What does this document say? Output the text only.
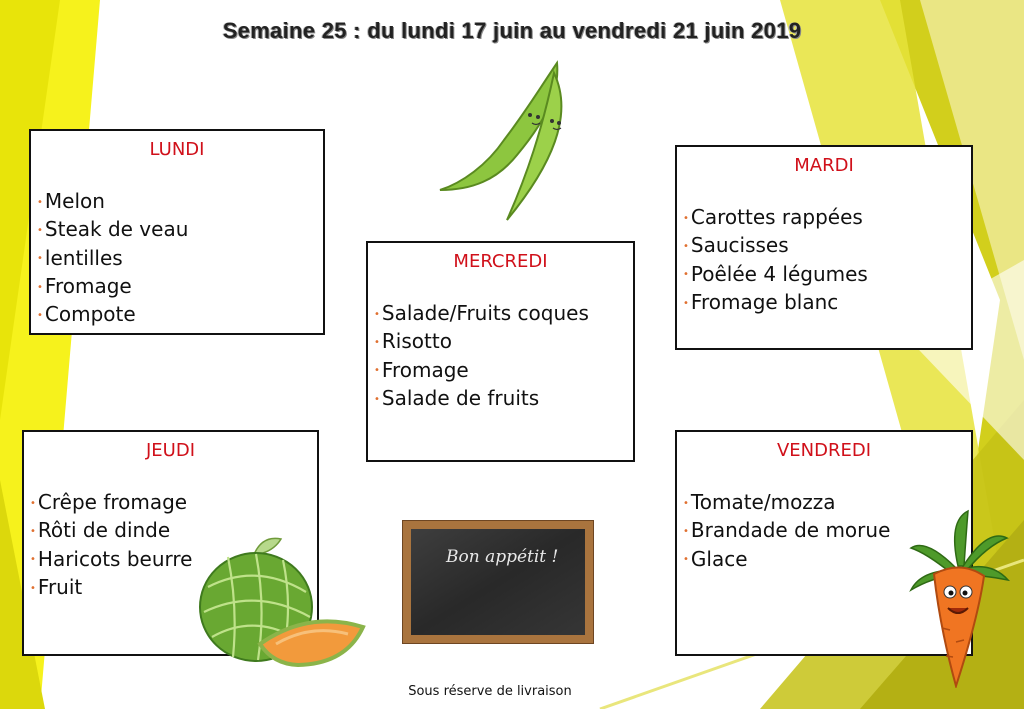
Semaine 25 : du lundi 17 juin au vendredi 21 juin 2019
LUNDI
• Melon
• Steak de veau
• lentilles
• Fromage
• Compote
MARDI
• Carottes rappées
• Saucisses
• Poêlée 4 légumes
• Fromage blanc
MERCREDI
• Salade/Fruits coques
• Risotto
• Fromage
• Salade de fruits
JEUDI
• Crêpe fromage
• Rôti de dinde
• Haricots beurre
• Fruit
VENDREDI
• Tomate/mozza
• Brandade de morue
• Glace
Bon appétit !
Sous réserve de livraison
